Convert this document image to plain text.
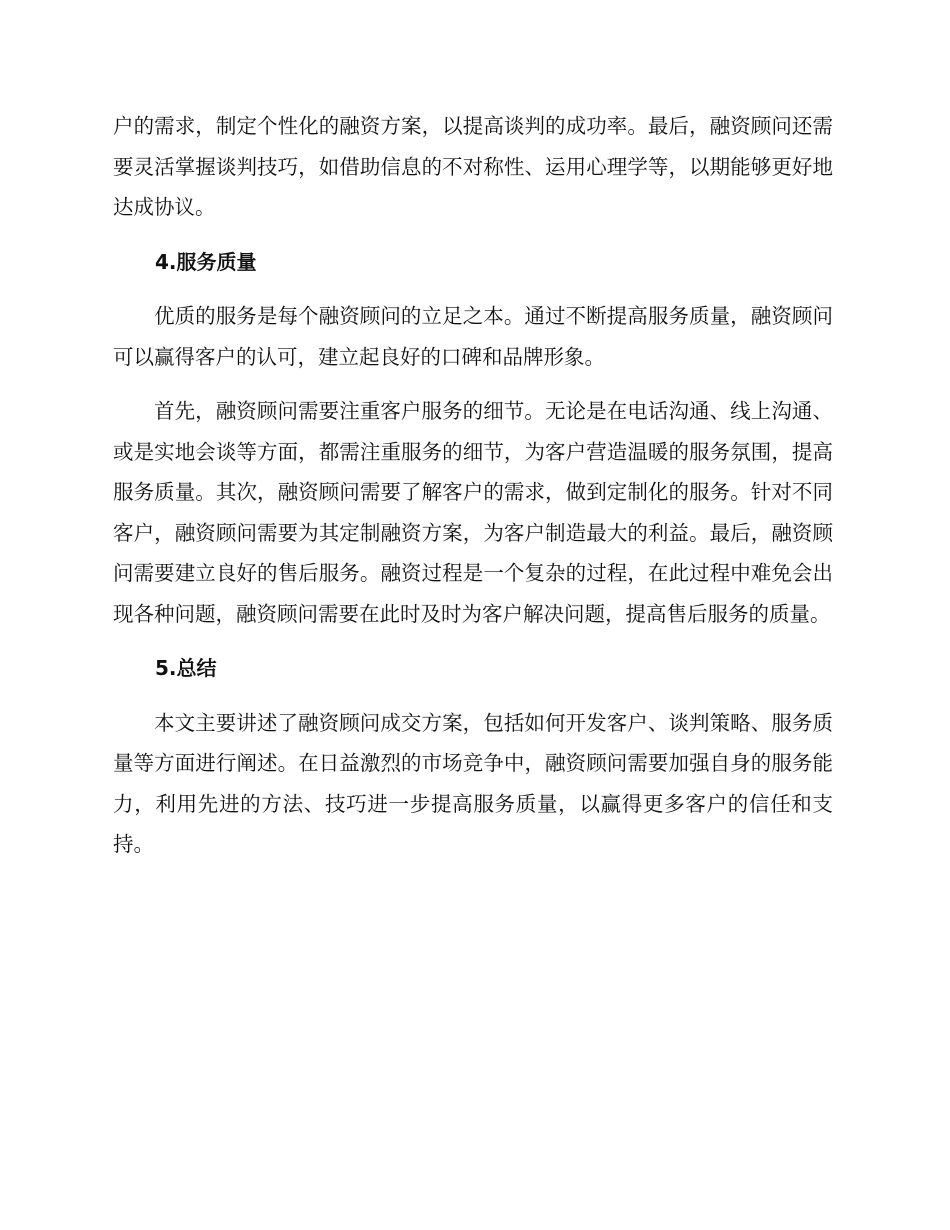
户的需求，制定个性化的融资方案，以提高谈判的成功率。最后，融资顾问还需要灵活掌握谈判技巧，如借助信息的不对称性、运用心理学等，以期能够更好地达成协议。

4.服务质量

优质的服务是每个融资顾问的立足之本。通过不断提高服务质量，融资顾问可以赢得客户的认可，建立起良好的口碑和品牌形象。

首先，融资顾问需要注重客户服务的细节。无论是在电话沟通、线上沟通、或是实地会谈等方面，都需注重服务的细节，为客户营造温暖的服务氛围，提高服务质量。其次，融资顾问需要了解客户的需求，做到定制化的服务。针对不同客户，融资顾问需要为其定制融资方案，为客户制造最大的利益。最后，融资顾问需要建立良好的售后服务。融资过程是一个复杂的过程，在此过程中难免会出现各种问题，融资顾问需要在此时及时为客户解决问题，提高售后服务的质量。

5.总结

本文主要讲述了融资顾问成交方案，包括如何开发客户、谈判策略、服务质量等方面进行阐述。在日益激烈的市场竞争中，融资顾问需要加强自身的服务能力，利用先进的方法、技巧进一步提高服务质量，以赢得更多客户的信任和支持。
